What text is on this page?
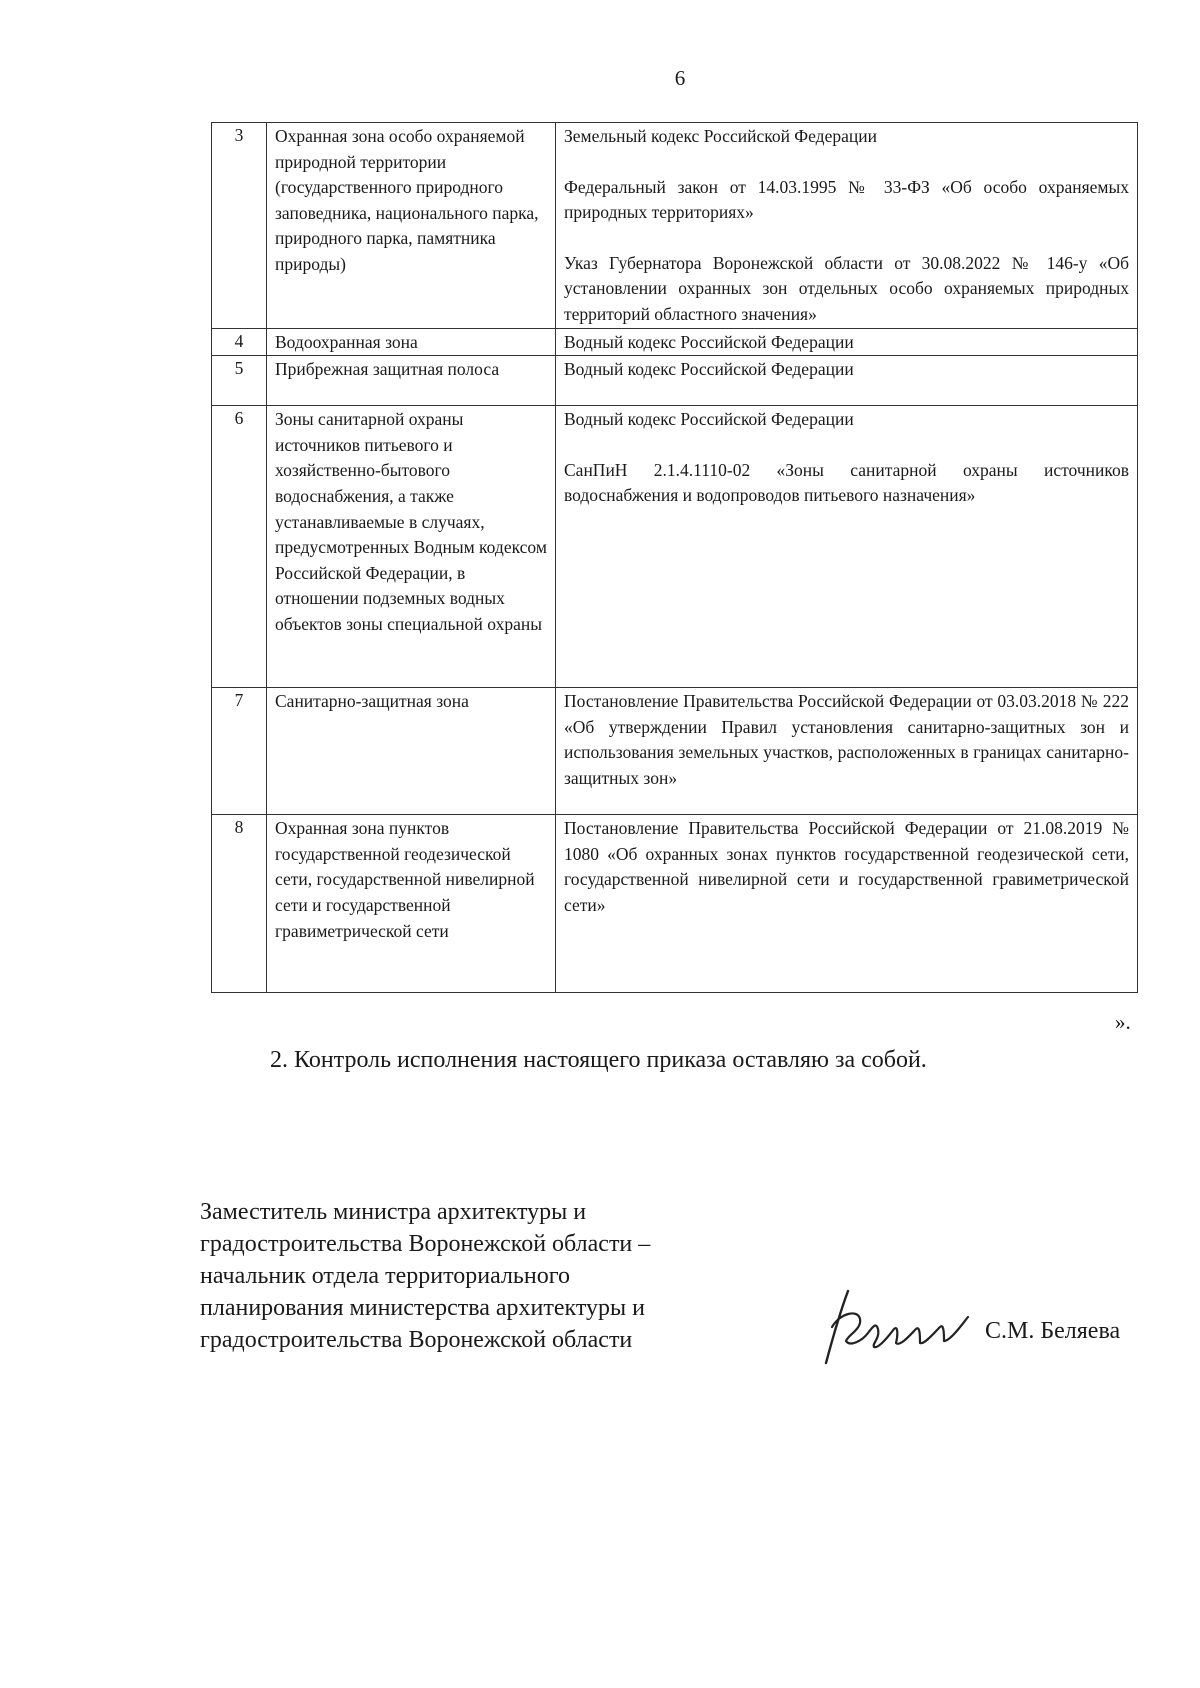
6
3	Охранная зона особо охраняемой природной территории (государственного природного заповедника, национального парка, природного парка, памятника природы)	Земельный кодекс Российской Федерации

Федеральный закон от 14.03.1995 № 33-ФЗ «Об особо охраняемых природных территориях»

Указ Губернатора Воронежской области от 30.08.2022 № 146-у «Об установлении охранных зон отдельных особо охраняемых природных территорий областного значения»

4	Водоохранная зона	Водный кодекс Российской Федерации

5	Прибрежная защитная полоса	Водный кодекс Российской Федерации

6	Зоны санитарной охраны источников питьевого и хозяйственно-бытового водоснабжения, а также устанавливаемые в случаях, предусмотренных Водным кодексом Российской Федерации, в отношении подземных водных объектов зоны специальной охраны	Водный кодекс Российской Федерации

СанПиН 2.1.4.1110-02 «Зоны санитарной охраны источников водоснабжения и водопроводов питьевого назначения»

7	Санитарно-защитная зона	Постановление Правительства Российской Федерации от 03.03.2018 № 222 «Об утверждении Правил установления санитарно-защитных зон и использования земельных участков, расположенных в границах санитарно-защитных зон»

8	Охранная зона пунктов государственной геодезической сети, государственной нивелирной сети и государственной гравиметрической сети	Постановление Правительства Российской Федерации от 21.08.2019 № 1080 «Об охранных зонах пунктов государственной геодезической сети, государственной нивелирной сети и государственной гравиметрической сети»

».
2. Контроль исполнения настоящего приказа оставляю за собой.
Заместитель министра архитектуры и
градостроительства Воронежской области –
начальник отдела территориального
планирования министерства архитектуры и
градостроительства Воронежской области	С.М. Беляева
